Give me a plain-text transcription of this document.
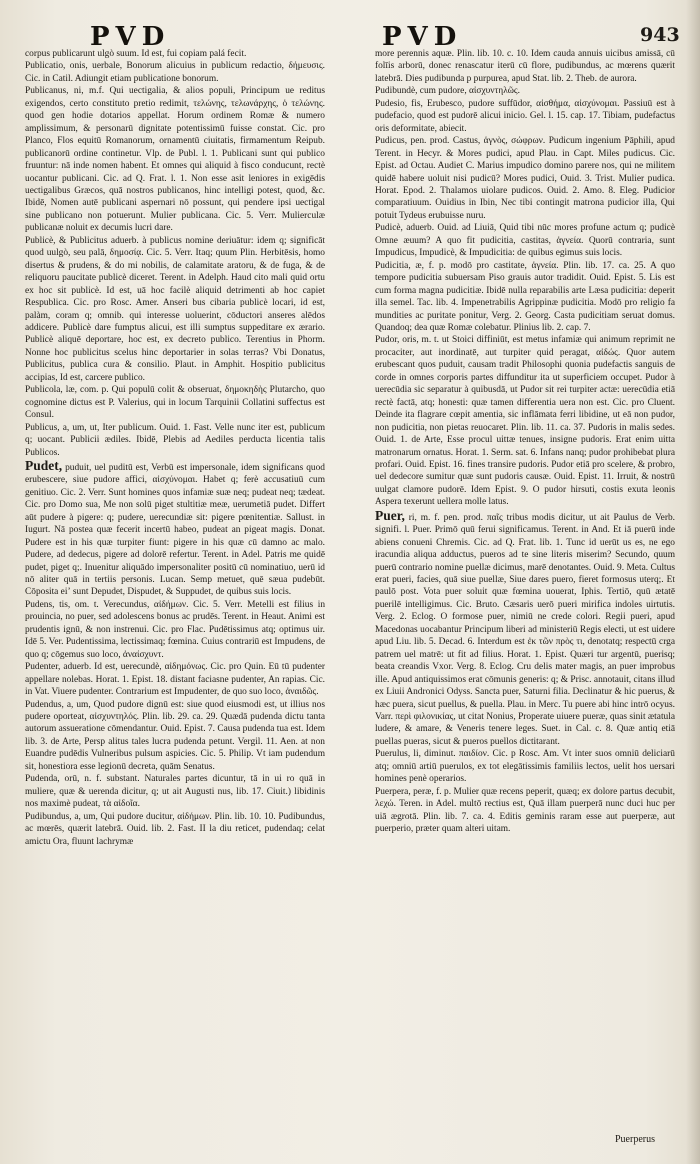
PVD	PVD	943

corpus publicarunt ulgò suum. Id est, fui copiam palá fecit.

Publicatio, onis, uerbale, Bonorum alicuius in publicum redactio, δήμευσις. Cic. in Catil. Adiungit etiam publicatione bonorum.

Publicanus, ni, m.f. Qui uectigalia, & alios populi, Principum ue reditus exigendos, certo constituto pretio redimit, τελώνης, τελωνάρχης, ὁ τελώνης. quod gen hodie dotarios appellat. Horum ordinem Romæ & numero amplissimum, & personarū dignitate potentissimū fuisse constat. Cic. pro Planco, Flos equitū Romanorum, ornamentū ciuitatis, firmamentum Reipub. publicanorū ordine continetur. Vlp. de Publ. l. 1. Publicani sunt qui publico fruuntur: nā inde nomen habent. Et omnes qui aliquid à fisco conducunt, rectè uocantur publicani. Cic. ad Q. Frat. l. 1. Non esse asit leniores in exigēdis uectigalibus Græcos, quā nostros publicanos, hinc intelligi potest, quod, &c. Ibidē, Nomen autē publicani aspernari nō possunt, qui pendere ipsi uectigal sine publicano non potuerunt. Mulier publicana. Cic. 5. Verr. Mulierculæ publicanæ noluit ex decumis lucri dare.

Publicè, & Publicitus aduerb. à publicus nomine deriuātur: idem q; significāt quod uulgò, seu palā, δημοσίᾳ. Cic. 5. Verr. Itaq; quum Plin. Herbitēsis, homo disertus & prudens, & do mi nobilis, de calamitate aratoru, & de fuga, & de reliquoru paucitate publicè diceret. Terent. in Adelph. Haud cito mali quid ortu ex hoc sit publicè. Id est, uā hoc facilè aliquid detrimenti ab hoc capiet Respublica. Cic. pro Rosc. Amer. Anseri bus cibaria publicè locari, id est, palàm, coram q; omnib. qui interesse uoluerint, cōductori anseres alēdos addicere. Publicè dare fumptus alicui, est illi sumptus suppeditare ex ærario. Publicè aliquē deportare, hoc est, ex decreto publico. Terentius in Phorm. Nonne hoc publicitus scelus hinc deportarier in solas terras? Vbi Donatus, Publicitus, publica cura & consilio. Plaut. in Amphit. Hospitio publicitus accipias, Id est, carcere publico.

Publicola, læ, com. p. Qui populū colit & obseruat, δημοκηδὴς Plutarcho, quo cognomine dictus est P. Valerius, qui in locum Tarquinii Collatini suffectus est Consul.

Publicus, a, um, ut, Iter publicum. Ouid. 1. Fast. Velle nunc iter est, publicum q; uocant. Publicii ædiles. Ibidē, Plebis ad Aediles perducta licentia talis Publicos.

Pudet, puduit, uel puditū est, Verbū est impersonale, idem significans quod erubescere, siue pudore affici, αἰσχύνομαι. Habet q; ferè accusatiuū cum genitiuo. Cic. 2. Verr. Sunt homines quos infamiæ suæ neq; pudeat neq; tædeat. Cic. pro Domo sua, Me non solū piget stultitiæ meæ, uerumetiā pudet. Differt aūt pudere à pigere: q; pudere, uerecundiæ sit: pigere pœnitentiæ. Sallust. in Iugurt. Nā postea quæ fecerit incertū habeo, pudeat an pigeat magis. Donat. Pudere est in his quæ turpiter fiunt: pigere in his quæ cū damno ac malo. Pudere, ad dedecus, pigere ad dolorē refertur. Terent. in Adel. Patris me quidē pudet, piget q;. Inuenitur aliquādo impersonaliter positū cū nominatiuo, uerū id nō aliter quā in tertiis personis. Lucan. Semp metuet, quē sæua pudebūt. Cōposita eiʼ sunt Depudet, Dispudet, & Suppudet, de quibus suis locis.

Pudens, tis, om. t. Verecundus, αἰδήμων. Cic. 5. Verr. Metelli est filius in prouincia, no puer, sed adolescens bonus ac prudēs. Terent. in Heaut. Animi est prudentis ignū, & non instrenui. Cic. pro Flac. Pudētissimus atq; optimus uir. Idē 5. Ver. Pudentissima, lectissimaq; fœmina. Cuius contrariū est Impudens, de quo q; cōgemus suo loco, ἀναίσχυντ.

Pudenter, aduerb. Id est, uerecundè, αἰδημόνως. Cic. pro Quin. Eū tū pudenter appellare nolebas. Horat. 1. Epist. 18. distant faciasne pudenter, An rapias. Cic. in Vat. Viuere pudenter. Contrarium est Impudenter, de quo suo loco, ἀναιδῶς.

Pudendus, a, um, Quod pudore dignū est: siue quod eiusmodi est, ut illius nos pudere oporteat, αἰσχυντηλός. Plin. lib. 29. ca. 29. Quædā pudenda dictu tanta autorum assueratione cōmendantur. Ouid. Epist. 7. Causa pudenda tua est. Idem lib. 3. de Arte, Persp alitus tales lucra pudenda petunt. Vergil. 11. Aen. at non Euandre pudēdis Vulneribus pulsum aspicies. Cic. 5. Philip. Vt iam pudendum sit, honestiora esse legionū decreta, quām Senatus.

Pudenda, orū, n. f. substant. Naturales partes dicuntur, tā in ui ro quā in muliere, quæ & uerenda dicitur, q; ut ait Augusti nus, lib. 17. Ciuit.) libidinis nos maximè pudeat, τὰ αἰδοῖα.

Pudibundus, a, um, Qui pudore ducitur, αἰδήμων. Plin. lib. 10. 10. Pudibundus, ac mœrēs, quærit latebrā. Ouid. lib. 2. Fast. II la diu reticet, pudendaq; celat amictu Ora, fluunt lachrymæ

more perennis aquæ. Plin. lib. 10. c. 10. Idem cauda annuis uicibus amissā, cū folīis arborū, donec renascatur iterū cū flore, pudibundus, ac mœrens quærit latebrā. Dies pudibunda p purpurea, apud Stat. lib. 2. Theb. de aurora.

Pudibundè, cum pudore, αἰσχυντηλῶς.

Pudesio, fis, Erubesco, pudore suffūdor, αἰσθήμα, αἰσχύνομαι. Passiuū est à pudefacio, quod est pudorē alicui inicio. Gel. l. 15. cap. 17. Tibiam, pudefactus oris deformitate, abiecit.

Pudicus, pen. prod. Castus, ἁγνὸς, σώφρων. Pudicum ingenium Pāphili, apud Terent. in Hecyr. & Mores pudici, apud Plau. in Capt. Miles pudicus. Cic. Epist. ad Octau. Audiet C. Marius impudico domino parere nos, qui ne militem quidē habere uoluit nisi pudicū? Mores pudici, Ouid. 3. Trist. Mulier pudica. Horat. Epod. 2. Thalamos uiolare pudicos. Ouid. 2. Amo. 8. Eleg. Pudicior comparatiuum. Ouidius in Ibin, Nec tibi contingit matrona pudicior illa, Qui potuit Tydeus erubuisse nuru.

Pudicè, aduerb. Ouid. ad Liuiā, Quid tibi nūc mores profune actum q; pudicè Omne æuum? A quo fit pudicitia, castitas, ἁγνεία. Quorū contraria, sunt Impudicus, Impudicè, & Impudicitia: de quibus egimus suis locis.

Pudicitia, æ, f. p. modō pro castitate, ἁγνεία. Plin. lib. 17. ca. 25. A quo tempore pudicitia subuersam Piso grauis autor tradidit. Ouid. Epist. 5. Lis est cum forma magna pudicitiæ. Ibidē nulla reparabilis arte Læsa pudicitia: deperit illa semel. Tac. lib. 4. Impenetrabilis Agrippinæ pudicitia. Modō pro religio fa mundities ac puritate ponitur, Verg. 2. Georg. Casta pudicitiam seruat domus. Quandoq; dea quæ Romæ colebatur. Plinius lib. 2. cap. 7.

Pudor, oris, m. t. ut Stoici diffiniūt, est metus infamiæ qui animum reprimit ne procaciter, aut inordinatē, aut turpiter quid peragat, αἰδώς. Quor autem erubescant quos puduit, causam tradit Philosophi quonia pudefactis sanguis de corde in omnes corporis partes diffunditur ita ut superficiem occupet. Pudor à uerecūdia sic separatur à quibusdā, ut Pudor sit rei turpiter actæ: uerecūdia etiā rectè factā, atq; honesti: quæ tamen differentia uera non est. Cic. pro Cluent. Deinde ita flagrare cœpit amentia, sic inflāmata ferri libidine, ut eā non pudor, non pudicitia, non pietas reuocaret. Plin. lib. 11. ca. 37. Pudoris in malis sedes. Ouid. 1. de Arte, Esse procul uittæ tenues, insigne pudoris. Erat enim uitta matronarum ornatus. Horat. 1. Serm. sat. 6. Infans nanq; pudor prohibebat plura profari. Ouid. Epist. 16. fines transire pudoris. Pudor etiā pro scelere, & probro, uel dedecore sumitur quæ sunt pudoris causæ. Ouid. Epist. 11. Irruit, & nostrū uulgat clamore pudorē. Idem Epist. 9. O pudor hirsuti, costis exuta leonis Aspera texerunt uellera molle latus.

Puer, ri, m. f. pen. prod. παῖς tribus modis dicitur, ut ait Paulus de Verb. signifi. l. Puer. Primō quū ferui significamus. Terent. in And. Et iā puerū inde abiens conueni Chremis. Cic. ad Q. Frat. lib. 1. Tunc id uerūt us es, ne ego iracundia aliqua adductus, pueros ad te sine literis miserim? Secundo, quum puerū contrario nomine puellæ dicimus, marē denotantes. Ouid. 9. Meta. Cultus erat pueri, facies, quā siue puellæ, Siue dares puero, fieret formosus uterq;. Et paulō post. Vota puer soluit quæ fœmina uouerat, Iphis. Tertiō, quū ætatē puerilē intelligimus. Cic. Bruto. Cæsaris uerō pueri mirifica indoles uirtutis. Verg. 2. Eclog. O formose puer, nimiū ne crede colori. Regii pueri, apud Macedonas uocabantur Principum liberi ad ministeriū Regis electi, ut est uidere apud Liu. lib. 5. Decad. 6. Interdum est ἐκ τῶν πρὸς τι, denotatq; respectū crga patrem uel matrē: ut fit ad filius. Horat. 1. Epist. Quæri tur argentū, puerisq; beata creandis Vxor. Verg. 8. Eclog. Cru delis mater magis, an puer improbus ille. Apud antiquissimos erat cōmunis generis: q; & Prisc. annotauit, citans illud ex Liuii Andronici Odyss. Sancta puer, Saturni filia. Declinatur & hic puerus, & hæc puera, sicut puellus, & puella. Plau. in Merc. Tu puere abi hinc intrō ocyus. Varr. περὶ φιλονικίας, ut citat Nonius, Properate uiuere pueræ, quas sinit ætatula ludere, & amare, & Veneris tenere leges. Suet. in Cal. c. 8. Quæ antiq etiā puellas pueras, sicut & pueros puellos dictitarant.

Puerulus, li, diminut. παιδίον. Cic. p Rosc. Am. Vt inter suos omniū deliciarū atq; omniū artiū puerulos, ex tot elegātissimis familiis lectos, uelit hos uersari homines penè operarios.

Puerpera, peræ, f. p. Mulier quæ recens peperit, quæq; ex dolore partus decubit, λεχώ. Teren. in Adel. multō rectius est, Quā illam puerperā nunc duci huc per uiā ægrotā. Plin. lib. 7. ca. 4. Editis geminis raram esse aut puerperæ, aut puerperio, præter quam alteri uitam.

Puerperus
